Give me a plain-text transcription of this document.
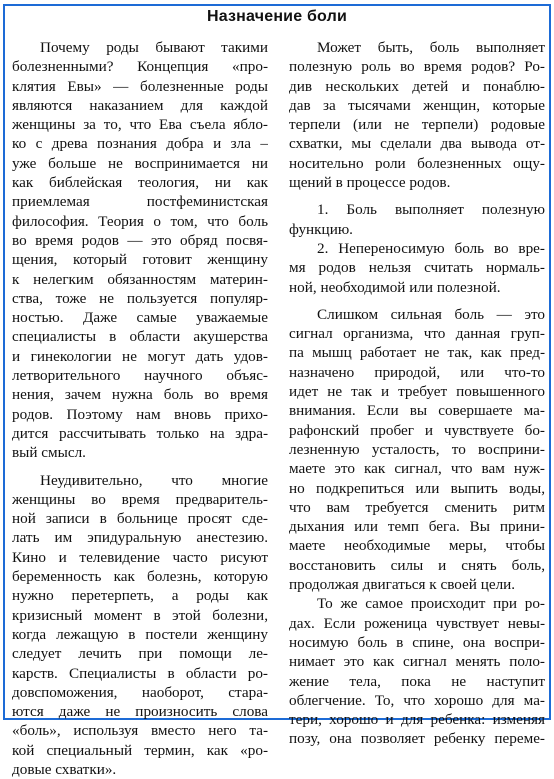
Назначение боли
Почему роды бывают такими
болезненными? Концепция «про-
клятия Евы» — болезненные роды
являются наказанием для каждой
женщины за то, что Ева съела ябло-
ко с древа познания добра и зла –
уже больше не воспринимается ни
как библейская теология, ни как
приемлемая постфеминистская
философия. Теория о том, что боль
во время родов — это обряд посвя-
щения, который готовит женщину
к нелегким обязанностям материн-
ства, тоже не пользуется популяр-
ностью. Даже самые уважаемые
специалисты в области акушерства
и гинекологии не могут дать удов-
летворительного научного объяс-
нения, зачем нужна боль во время
родов. Поэтому нам вновь прихо-
дится рассчитывать только на здра-
вый смысл.
Неудивительно, что многие
женщины во время предваритель-
ной записи в больнице просят сде-
лать им эпидуральную анестезию.
Кино и телевидение часто рисуют
беременность как болезнь, которую
нужно перетерпеть, а роды как
кризисный момент в этой болезни,
когда лежащую в постели женщину
следует лечить при помощи ле-
карств. Специалисты в области ро-
довспоможения, наоборот, стара-
ются даже не произносить слова
«боль», используя вместо него та-
кой специальный термин, как «ро-
довые схватки».
Может быть, боль выполняет
полезную роль во время родов? Ро-
див нескольких детей и понаблю-
дав за тысячами женщин, которые
терпели (или не терпели) родовые
схватки, мы сделали два вывода от-
носительно роли болезненных ощу-
щений в процессе родов.
1. Боль выполняет полезную
функцию.
2. Непереносимую боль во вре-
мя родов нельзя считать нормаль-
ной, необходимой или полезной.
Слишком сильная боль — это
сигнал организма, что данная груп-
па мышц работает не так, как пред-
назначено природой, или что-то
идет не так и требует повышенного
внимания. Если вы совершаете ма-
рафонский пробег и чувствуете бо-
лезненную усталость, то восприни-
маете это как сигнал, что вам нуж-
но подкрепиться или выпить воды,
что вам требуется сменить ритм
дыхания или темп бега. Вы прини-
маете необходимые меры, чтобы
восстановить силы и снять боль,
продолжая двигаться к своей цели.
То же самое происходит при ро-
дах. Если роженица чувствует невы-
носимую боль в спине, она воспри-
нимает это как сигнал менять поло-
жение тела, пока не наступит
облегчение. То, что хорошо для ма-
тери, хорошо и для ребенка: изменяя
позу, она позволяет ребенку переме-
